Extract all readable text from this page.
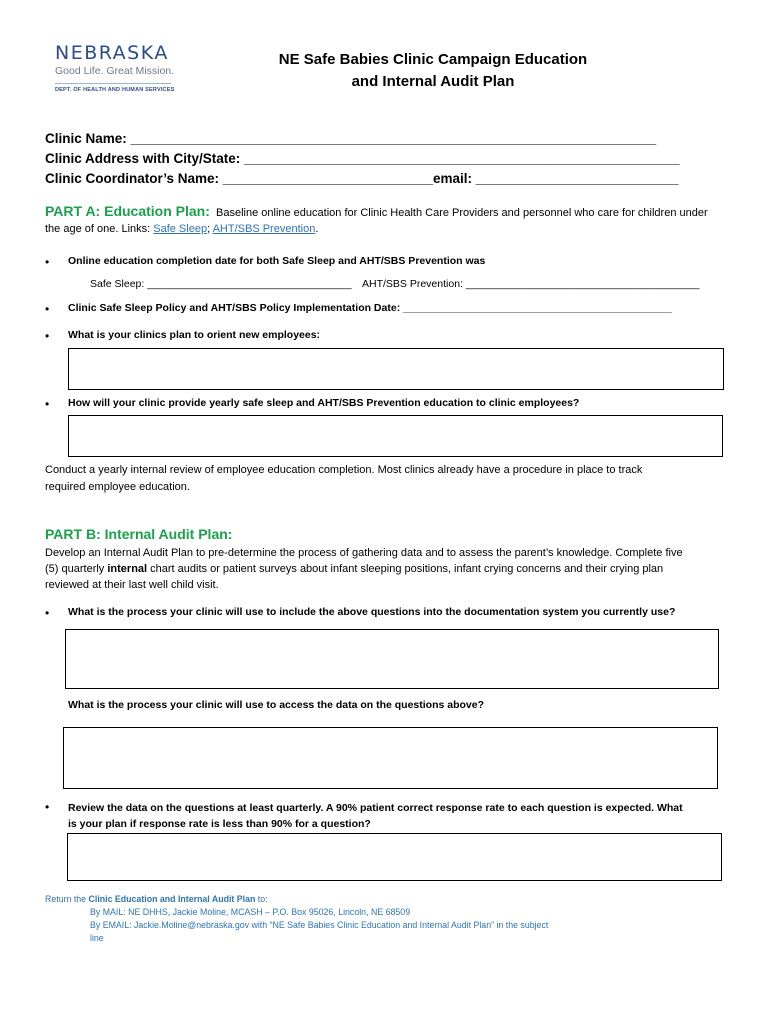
NEBRASKA
Good Life. Great Mission.
DEPT. OF HEALTH AND HUMAN SERVICES
NE Safe Babies Clinic Campaign Education
and Internal Audit Plan
Clinic Name: ______________________________________________________________________
Clinic Address with City/State: __________________________________________________________
Clinic Coordinator’s Name: ____________________________email: ___________________________
PART A: Education Plan: Baseline online education for Clinic Health Care Providers and personnel who care for children under
the age of one. Links: Safe Sleep; AHT/SBS Prevention.
• Online education completion date for both Safe Sleep and AHT/SBS Prevention was
Safe Sleep: ___________________________________ AHT/SBS Prevention: ________________________________________
• Clinic Safe Sleep Policy and AHT/SBS Policy Implementation Date: ______________________________________________
• What is your clinics plan to orient new employees:
• How will your clinic provide yearly safe sleep and AHT/SBS Prevention education to clinic employees?
Conduct a yearly internal review of employee education completion. Most clinics already have a procedure in place to track
required employee education.
PART B: Internal Audit Plan:
Develop an Internal Audit Plan to pre-determine the process of gathering data and to assess the parent’s knowledge. Complete five
(5) quarterly internal chart audits or patient surveys about infant sleeping positions, infant crying concerns and their crying plan
reviewed at their last well child visit.
• What is the process your clinic will use to include the above questions into the documentation system you currently use?
What is the process your clinic will use to access the data on the questions above?
• Review the data on the questions at least quarterly. A 90% patient correct response rate to each question is expected. What
is your plan if response rate is less than 90% for a question?
Return the Clinic Education and Internal Audit Plan to:
By MAIL: NE DHHS, Jackie Moline, MCASH – P.O. Box 95026, Lincoln, NE 68509
By EMAIL: Jackie.Moline@nebraska.gov with “NE Safe Babies Clinic Education and Internal Audit Plan” in the subject
line
